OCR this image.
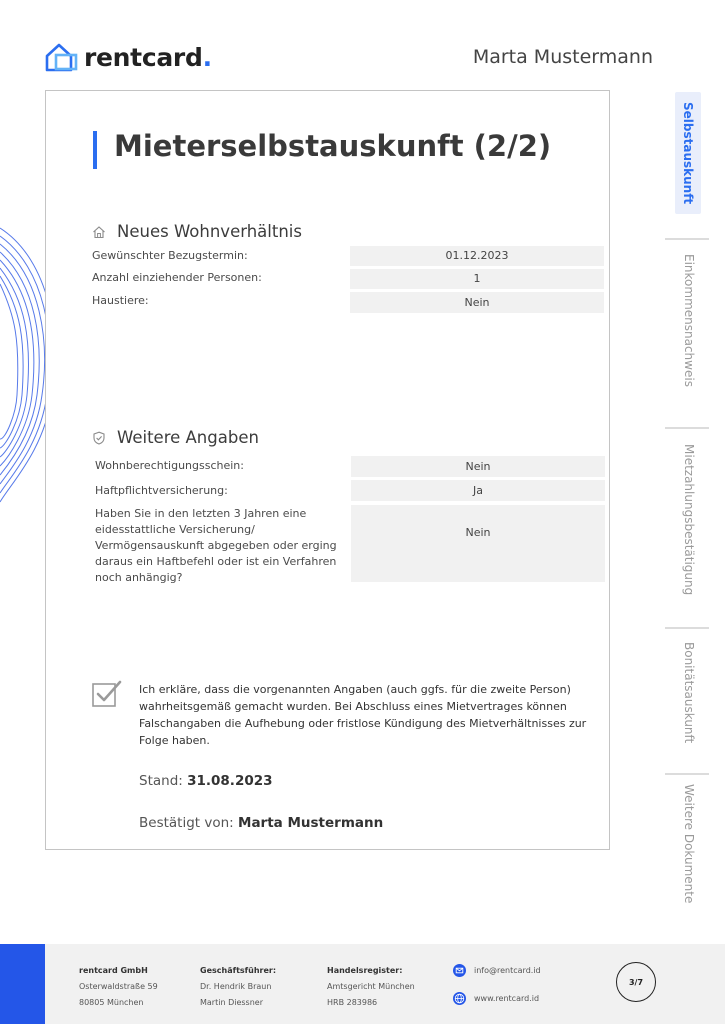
rentcard.	Marta Mustermann
Mieterselbstauskunft (2/2)
Neues Wohnverhältnis
Gewünschter Bezugstermin:	01.12.2023
Anzahl einziehender Personen:	1
Haustiere:	Nein
Weitere Angaben
Wohnberechtigungsschein:	Nein
Haftpflichtversicherung:	Ja
Haben Sie in den letzten 3 Jahren eine eidesstattliche Versicherung/ Vermögensauskunft abgegeben oder erging daraus ein Haftbefehl oder ist ein Verfahren noch anhängig?
Nein

Ich erkläre, dass die vorgenannten Angaben (auch ggfs. für die zweite Person) wahrheitsgemäß gemacht wurden. Bei Abschluss eines Mietvertrages können Falschangaben die Aufhebung oder fristlose Kündigung des Mietverhältnisses zur Folge haben.

Stand: 31.08.2023
Bestätigt von: Marta Mustermann
Selbstauskunft
Einkommensnachweis
Mietzahlungsbestätigung
Bonitätsauskunft
Weitere Dokumente
rentcard GmbH
Osterwaldstraße 59
80805 München
Geschäftsführer:
Dr. Hendrik Braun
Martin Diessner
Handelsregister:
Amtsgericht München
HRB 283986
info@rentcard.id
www.rentcard.id
3/7
